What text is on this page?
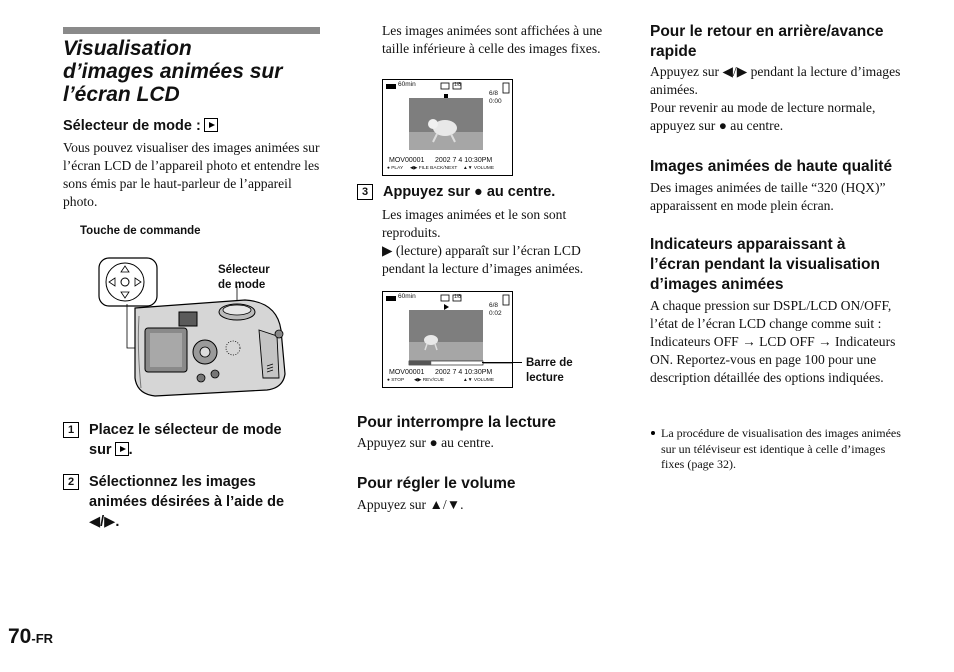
Visualisation
d’images animées sur
l’écran LCD
Sélecteur de mode :
Vous pouvez visualiser des images animées sur l’écran LCD de l’appareil photo et entendre les sons émis par le haut-parleur de l’appareil photo.
Touche de commande
Sélecteur
de mode
1 Placez le sélecteur de mode
sur .
2 Sélectionnez les images
animées désirées à l’aide de
◀/▶.
Les images animées sont affichées à une taille inférieure à celle des images fixes.
60min	1/8
6/8
0:00
MOV00001 2002 7 4 10:30PM
● PLAY ◀▶ FILE BACK/NEXT ▲▼ VOLUME
3 Appuyez sur ● au centre.
Les images animées et le son sont reproduits.
▶ (lecture) apparaît sur l’écran LCD pendant la lecture d’images animées.
60min	1/8
6/8
0:02
MOV00001 2002 7 4 10:30PM
● STOP ◀▶ REV/CUE	▲▼ VOLUME
Barre de
lecture
Pour interrompre la lecture
Appuyez sur ● au centre.
Pour régler le volume
Appuyez sur ▲/▼.
Pour le retour en arrière/avance
rapide
Appuyez sur ◀/▶ pendant la lecture d’images animées.
Pour revenir au mode de lecture normale, appuyez sur ● au centre.
Images animées de haute qualité
Des images animées de taille “320 (HQX)” apparaissent en mode plein écran.
Indicateurs apparaissant à
l’écran pendant la visualisation
d’images animées
A chaque pression sur DSPL/LCD ON/OFF, l’état de l’écran LCD change comme suit : Indicateurs OFF → LCD OFF → Indicateurs ON. Reportez-vous en page 100 pour une description détaillée des options indiquées.
La procédure de visualisation des images animées sur un téléviseur est identique à celle d’images fixes (page 32).
70-FR
